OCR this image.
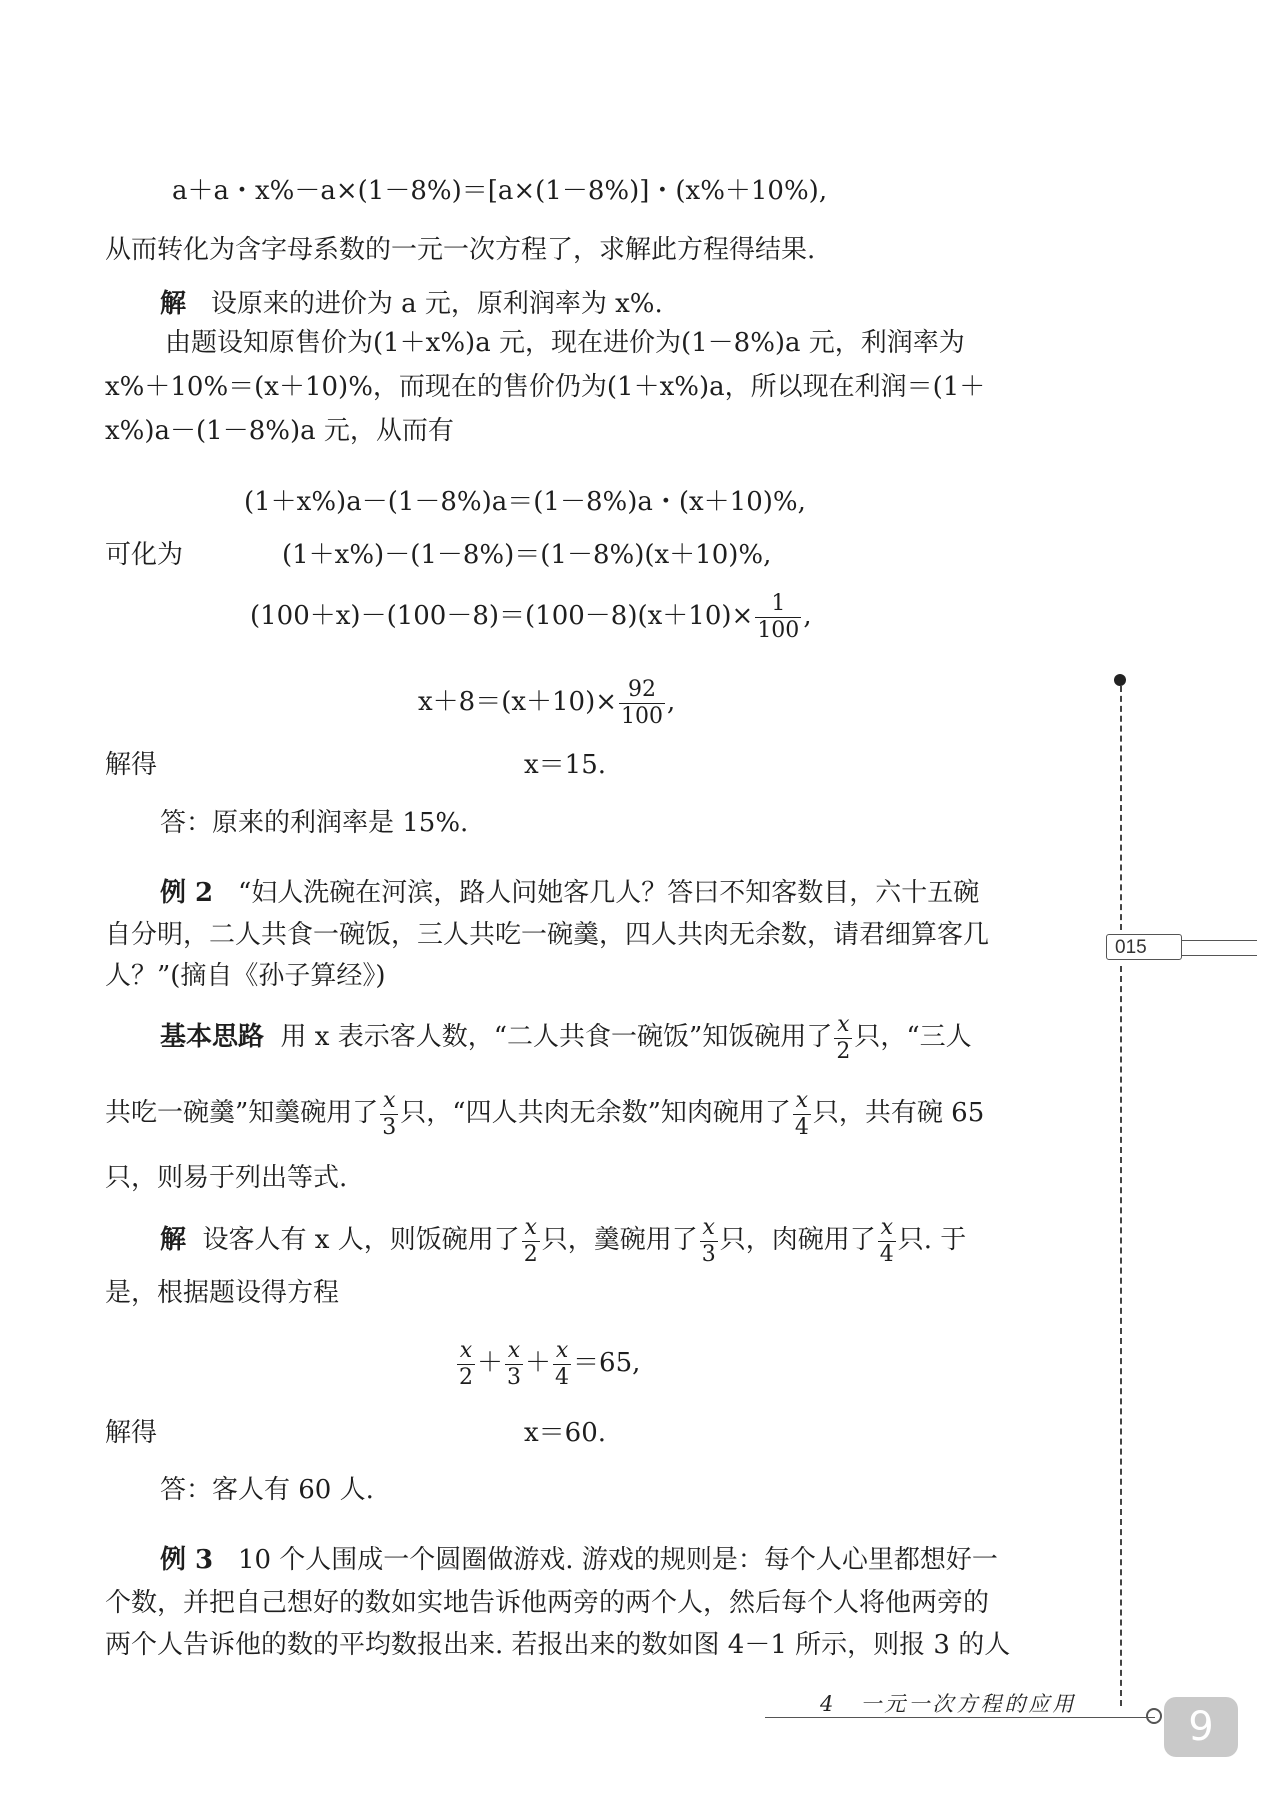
a＋a・x%－a×(1－8%)＝[a×(1－8%)]・(x%＋10%),
从而转化为含字母系数的一元一次方程了，求解此方程得结果.
解 设原来的进价为 a 元，原利润率为 x%.
由题设知原售价为(1＋x%)a 元，现在进价为(1－8%)a 元，利润率为
x%＋10%＝(x＋10)%，而现在的售价仍为(1＋x%)a，所以现在利润＝(1＋
x%)a－(1－8%)a 元，从而有
(1＋x%)a－(1－8%)a＝(1－8%)a・(x＋10)%,
可化为	(1＋x%)－(1－8%)＝(1－8%)(x＋10)%,
$(100+x)-(100-8)=(100-8)(x+10)\times \frac{1}{100}$ ,
$x+8=(x+10)\times \frac{92}{100}$ ,
解得	x＝15.
答：原来的利润率是 15%.
例 2 “妇人洗碗在河滨，路人问她客几人？答曰不知客数目，六十五碗
自分明，二人共食一碗饭，三人共吃一碗羹，四人共肉无余数，请君细算客几
人？”(摘自《孙子算经》)
基本思路 用 x 表示客人数，“二人共食一碗饭”知饭碗用了 $\frac{x}{2}$ 只，“三人
共吃一碗羹”知羹碗用了 $\frac{x}{3}$ 只，“四人共肉无余数”知肉碗用了 $\frac{x}{4}$ 只，共有碗 65
只，则易于列出等式.
解 设客人有 x 人，则饭碗用了 $\frac{x}{2}$ 只，羹碗用了 $\frac{x}{3}$ 只，肉碗用了 $\frac{x}{4}$ 只. 于
是，根据题设得方程
$\frac{x}{2} + \frac{x}{3} + \frac{x}{4} =65$,
解得	x＝60.
答：客人有 60 人.
例 3 10 个人围成一个圆圈做游戏. 游戏的规则是：每个人心里都想好一
个数，并把自己想好的数如实地告诉他两旁的两个人，然后每个人将他两旁的
两个人告诉他的数的平均数报出来. 若报出来的数如图 4－1 所示，则报 3 的人
015
4　一元一次方程的应用	9
